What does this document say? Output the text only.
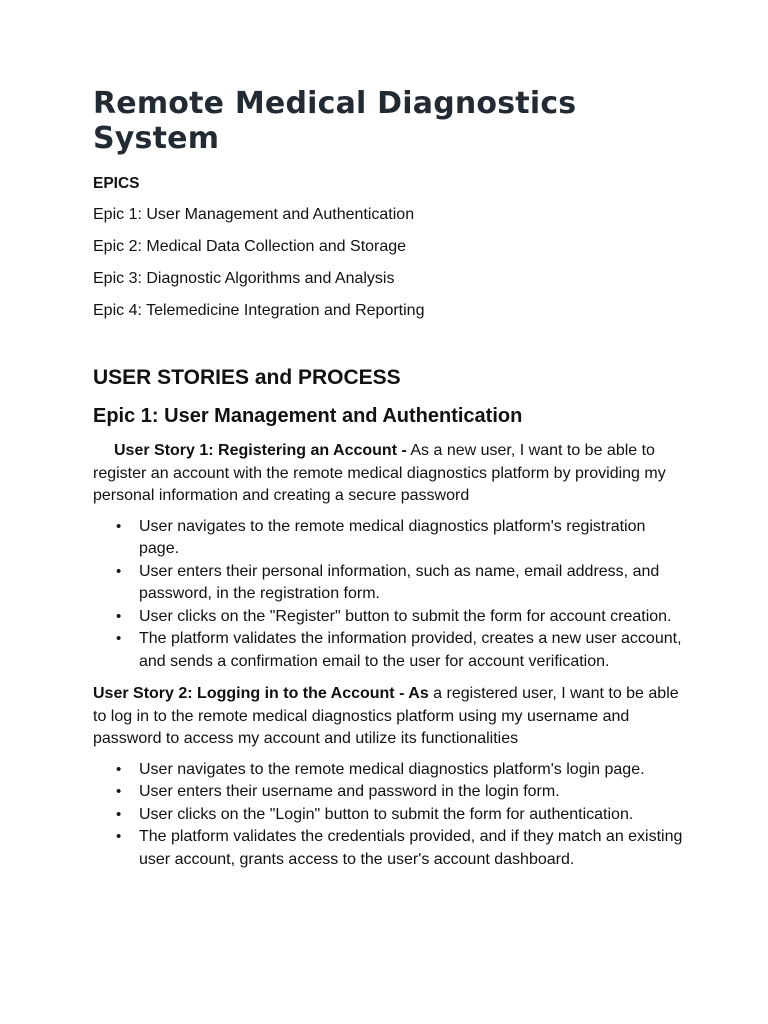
Remote Medical Diagnostics System
EPICS
Epic 1: User Management and Authentication
Epic 2: Medical Data Collection and Storage
Epic 3: Diagnostic Algorithms and Analysis
Epic 4: Telemedicine Integration and Reporting
USER STORIES and PROCESS
Epic 1: User Management and Authentication

User Story 1: Registering an Account - As a new user, I want to be able to register an account with the remote medical diagnostics platform by providing my personal information and creating a secure password

• User navigates to the remote medical diagnostics platform's registration page.
• User enters their personal information, such as name, email address, and password, in the registration form.
• User clicks on the "Register" button to submit the form for account creation.
• The platform validates the information provided, creates a new user account, and sends a confirmation email to the user for account verification.

User Story 2: Logging in to the Account - As a registered user, I want to be able to log in to the remote medical diagnostics platform using my username and password to access my account and utilize its functionalities

• User navigates to the remote medical diagnostics platform's login page.
• User enters their username and password in the login form.
• User clicks on the "Login" button to submit the form for authentication.
• The platform validates the credentials provided, and if they match an existing user account, grants access to the user's account dashboard.
